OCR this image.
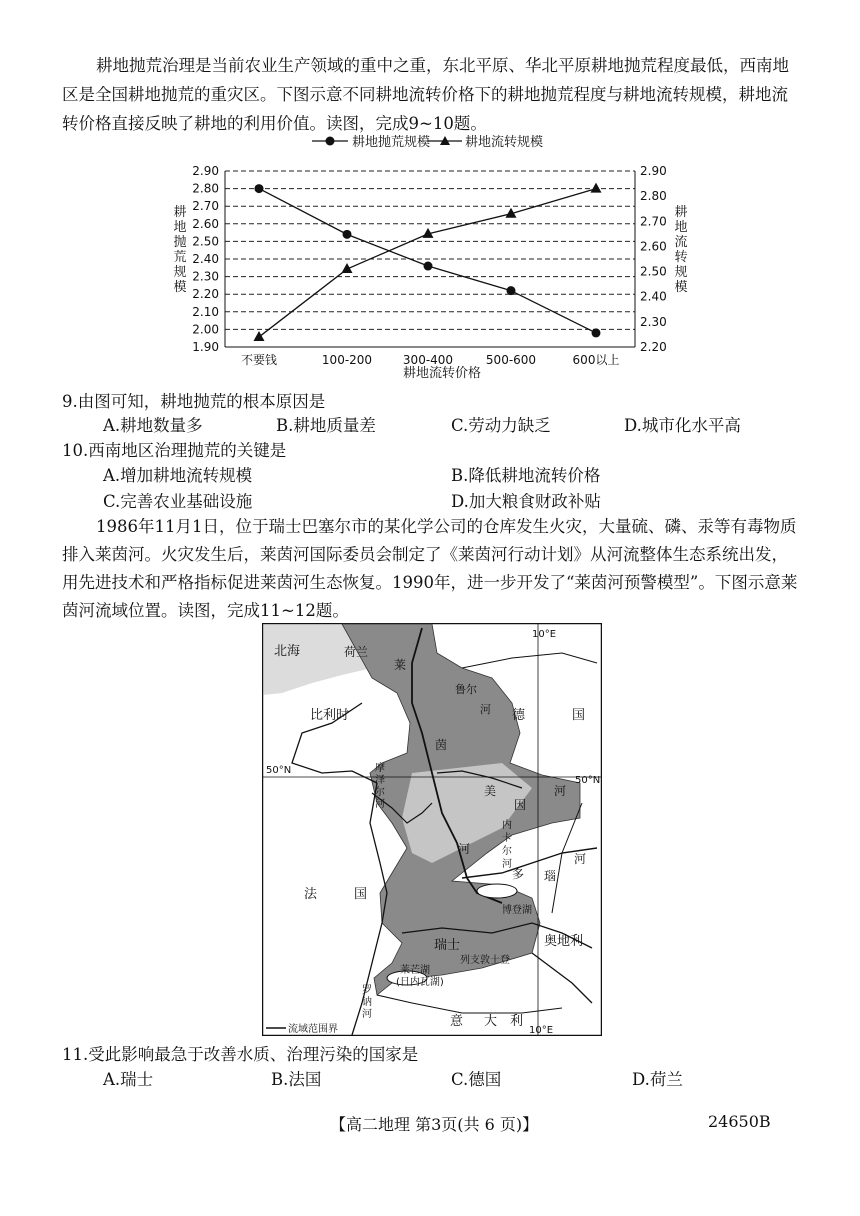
耕地抛荒治理是当前农业生产领域的重中之重，东北平原、华北平原耕地抛荒程度最低，西南地区是全国耕地抛荒的重灾区。下图示意不同耕地流转价格下的耕地抛荒程度与耕地流转规模，耕地流转价格直接反映了耕地的利用价值。读图，完成9~10题。
耕地抛荒规模	耕地流转规模
1.90
2.00
2.10
2.20
2.30
2.40
2.50
2.60
2.70
2.80
2.90
2.20
2.30
2.40
2.50
2.60
2.70
2.80
2.90
不要钱	100-200	300-400	500-600	600以上
耕地流转价格
耕地抛荒规模
耕地流转规模
9.由图可知，耕地抛荒的根本原因是
A.耕地数量多	B.耕地质量差	C.劳动力缺乏	D.城市化水平高
10.西南地区治理抛荒的关键是
A.增加耕地流转规模	B.降低耕地流转价格
C.完善农业基础设施	D.加大粮食财政补贴
1986年11月1日，位于瑞士巴塞尔市的某化学公司的仓库发生火灾，大量硫、磷、汞等有毒物质排入莱茵河。火灾发生后，莱茵河国际委员会制定了《莱茵河行动计划》从河流整体生态系统出发，用先进技术和严格指标促进莱茵河生态恢复。1990年，进一步开发了“莱茵河预警模型”。下图示意莱茵河流域位置。读图，完成11~12题。
北海	荷兰
比利时
法	国
德	国
瑞士	奥地利
意 大 利
10°E
10°E
50°N
50°N
莱
茵
河
鲁尔
河
摩
泽
尔
河
美
因
河
内
卡
尔
河
多 瑙
河
博登湖
列支敦士登
莱芒湖
(日内瓦湖)
罗
讷
河
流域范围界
11.受此影响最急于改善水质、治理污染的国家是
A.瑞士	B.法国	C.德国	D.荷兰
【高二地理 第3页(共 6 页)】	24650B
